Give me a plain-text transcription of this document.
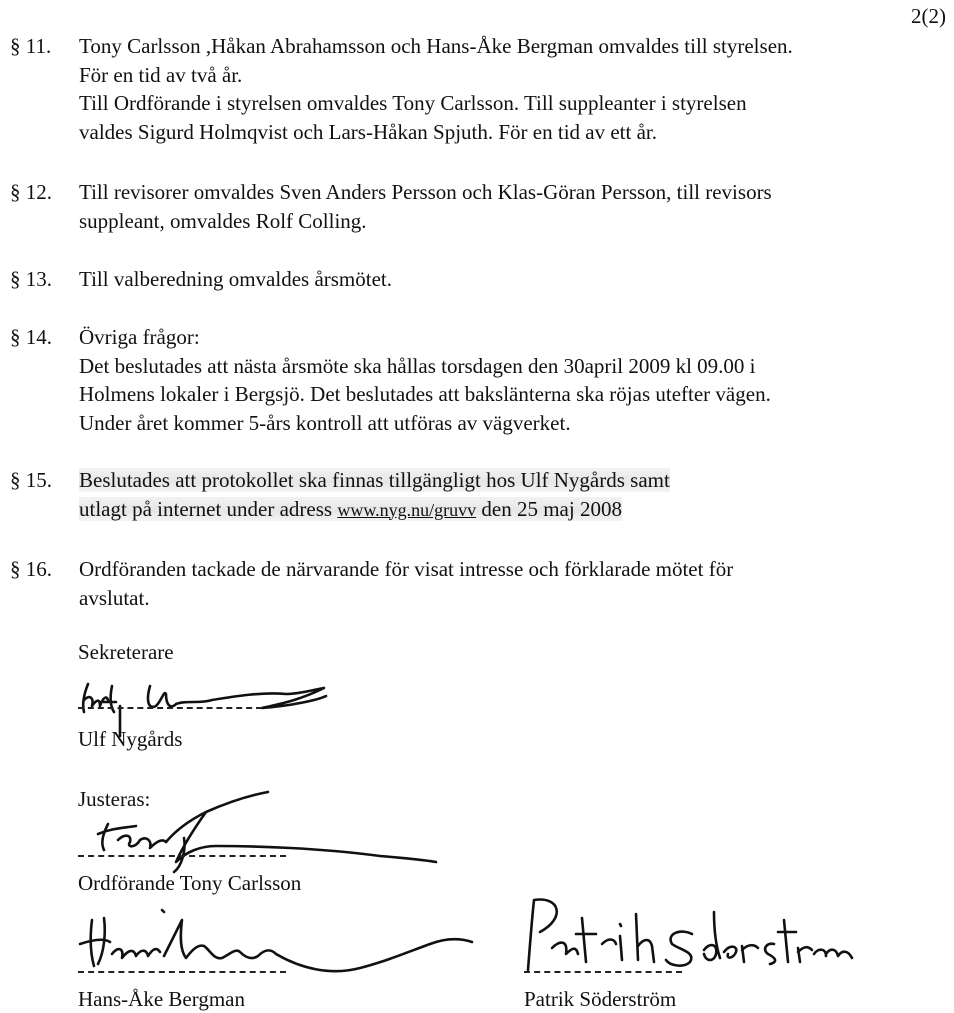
2(2)
§ 11.	Tony Carlsson ,Håkan Abrahamsson och Hans-Åke Bergman omvaldes till styrelsen.
För en tid av två år.
Till Ordförande i styrelsen omvaldes Tony Carlsson. Till suppleanter i styrelsen
valdes Sigurd Holmqvist och Lars-Håkan Spjuth. För en tid av ett år.
§ 12.	Till revisorer omvaldes Sven Anders Persson och Klas-Göran Persson, till revisors
suppleant, omvaldes Rolf Colling.
§ 13.	Till valberedning omvaldes årsmötet.
§ 14.	Övriga frågor:
Det beslutades att nästa årsmöte ska hållas torsdagen den 30april 2009 kl 09.00 i
Holmens lokaler i Bergsjö. Det beslutades att bakslänterna ska röjas utefter vägen.
Under året kommer 5-års kontroll att utföras av vägverket.
§ 15.	Beslutades att protokollet ska finnas tillgängligt hos Ulf Nygårds samt
utlagt på internet under adress www.nyg.nu/gruvv den 25 maj 2008
§ 16.	Ordföranden tackade de närvarande för visat intresse och förklarade mötet för
avslutat.
Sekreterare
Ulf Nygårds
Justeras:
Ordförande Tony Carlsson
Hans-Åke Bergman	Patrik Söderström
